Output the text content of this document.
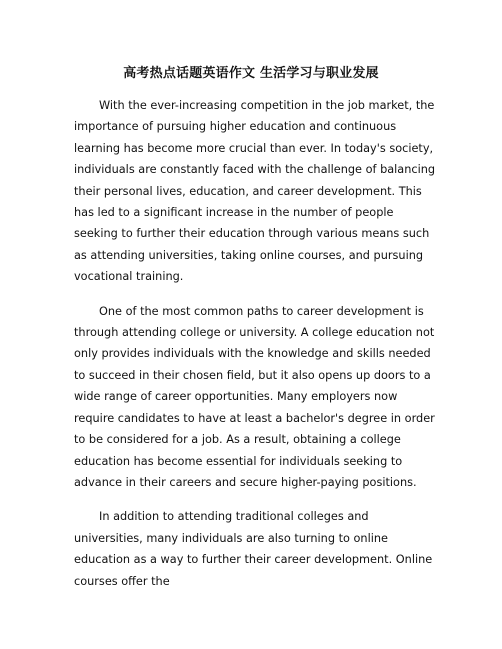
高考热点话题英语作文 生活学习与职业发展

With the ever-increasing competition in the job market, the importance of pursuing higher education and continuous learning has become more crucial than ever. In today's society, individuals are constantly faced with the challenge of balancing their personal lives, education, and career development. This has led to a significant increase in the number of people seeking to further their education through various means such as attending universities, taking online courses, and pursuing vocational training.

One of the most common paths to career development is through attending college or university. A college education not only provides individuals with the knowledge and skills needed to succeed in their chosen field, but it also opens up doors to a wide range of career opportunities. Many employers now require candidates to have at least a bachelor's degree in order to be considered for a job. As a result, obtaining a college education has become essential for individuals seeking to advance in their careers and secure higher-paying positions.

In addition to attending traditional colleges and universities, many individuals are also turning to online education as a way to further their career development. Online courses offer the
